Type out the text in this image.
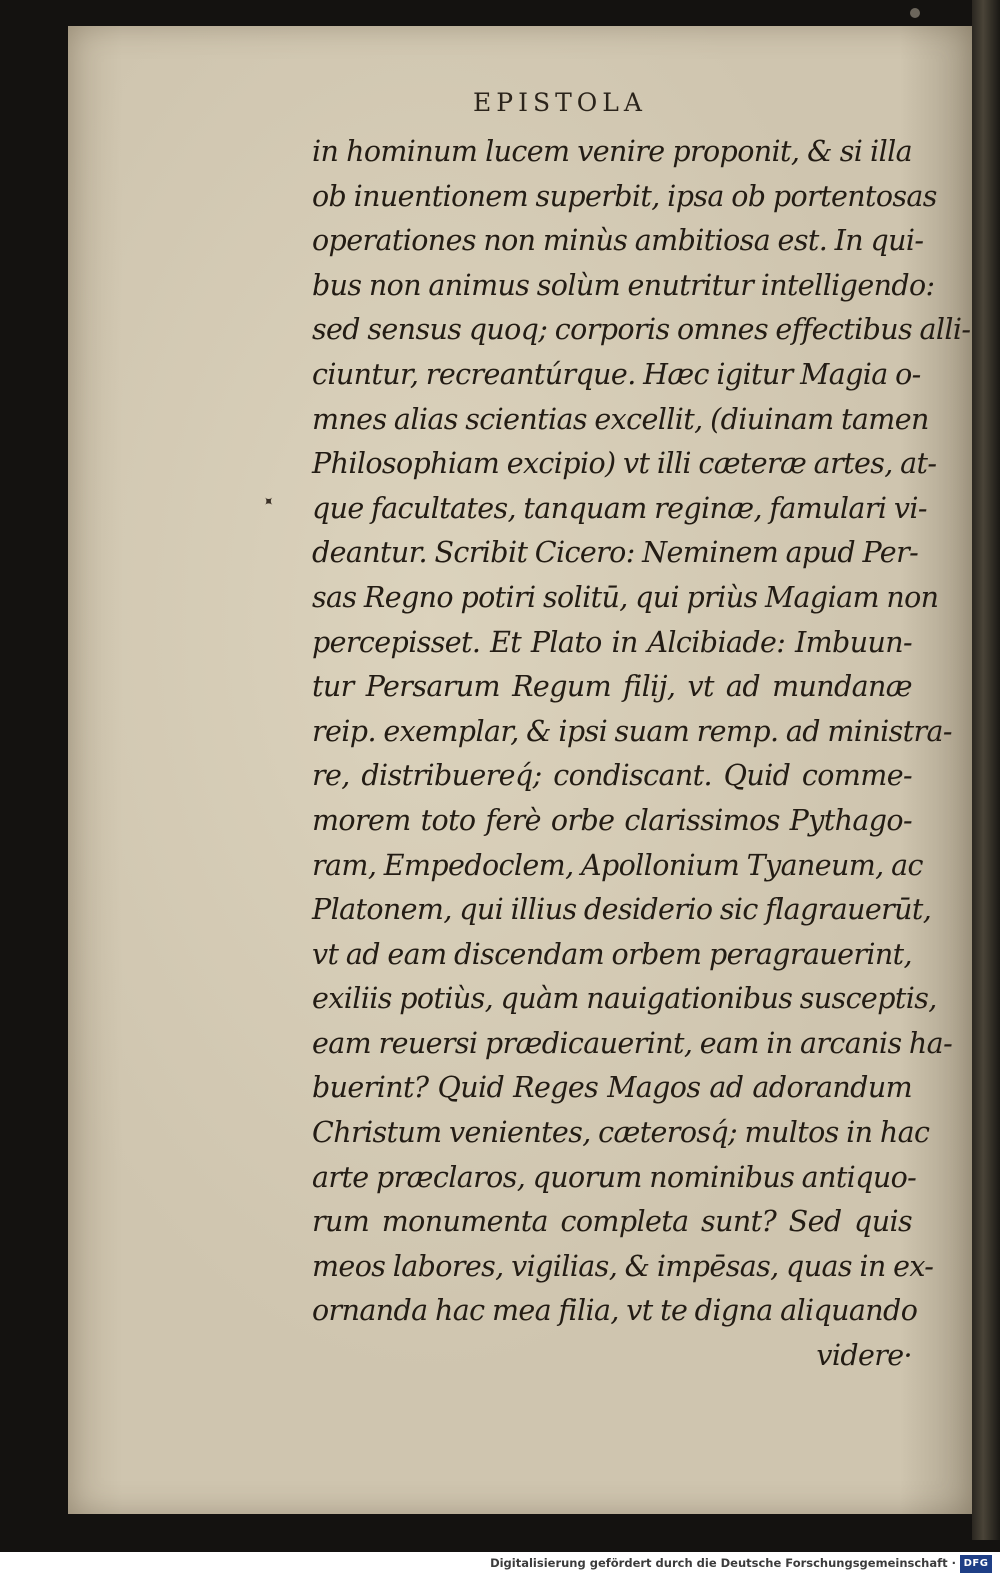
EPISTOLA
✦
in hominum lucem venire proponit, & si illa
ob inuentionem superbit, ipsa ob portentosas
operationes non minùs ambitiosa est. In qui-
bus non animus solùm enutritur intelligendo:
sed sensus quoq; corporis omnes effectibus alli-
ciuntur, recreantúrque. Hæc igitur Magia o-
mnes alias scientias excellit, (diuinam tamen
Philosophiam excipio) vt illi cæteræ artes, at-
que facultates, tanquam reginæ, famulari vi-
deantur. Scribit Cicero: Neminem apud Per-
sas Regno potiri solitū, qui priùs Magiam non
percepisset. Et Plato in Alcibiade: Imbuun-
tur Persarum Regum filij, vt ad mundanæ
reip. exemplar, & ipsi suam remp. ad ministra-
re, distribuereq́; condiscant. Quid comme-
morem toto ferè orbe clarissimos Pythago-
ram, Empedoclem, Apollonium Tyaneum, ac
Platonem, qui illius desiderio sic flagrauerūt,
vt ad eam discendam orbem peragrauerint,
exiliis potiùs, quàm nauigationibus susceptis,
eam reuersi prædicauerint, eam in arcanis ha-
buerint? Quid Reges Magos ad adorandum
Christum venientes, cæterosq́; multos in hac
arte præclaros, quorum nominibus antiquo-
rum monumenta completa sunt? Sed quis
meos labores, vigilias, & impēsas, quas in ex-
ornanda hac mea filia, vt te digna aliquando
videre·
Digitalisierung gefördert durch die Deutsche Forschungsgemeinschaft · DFG
